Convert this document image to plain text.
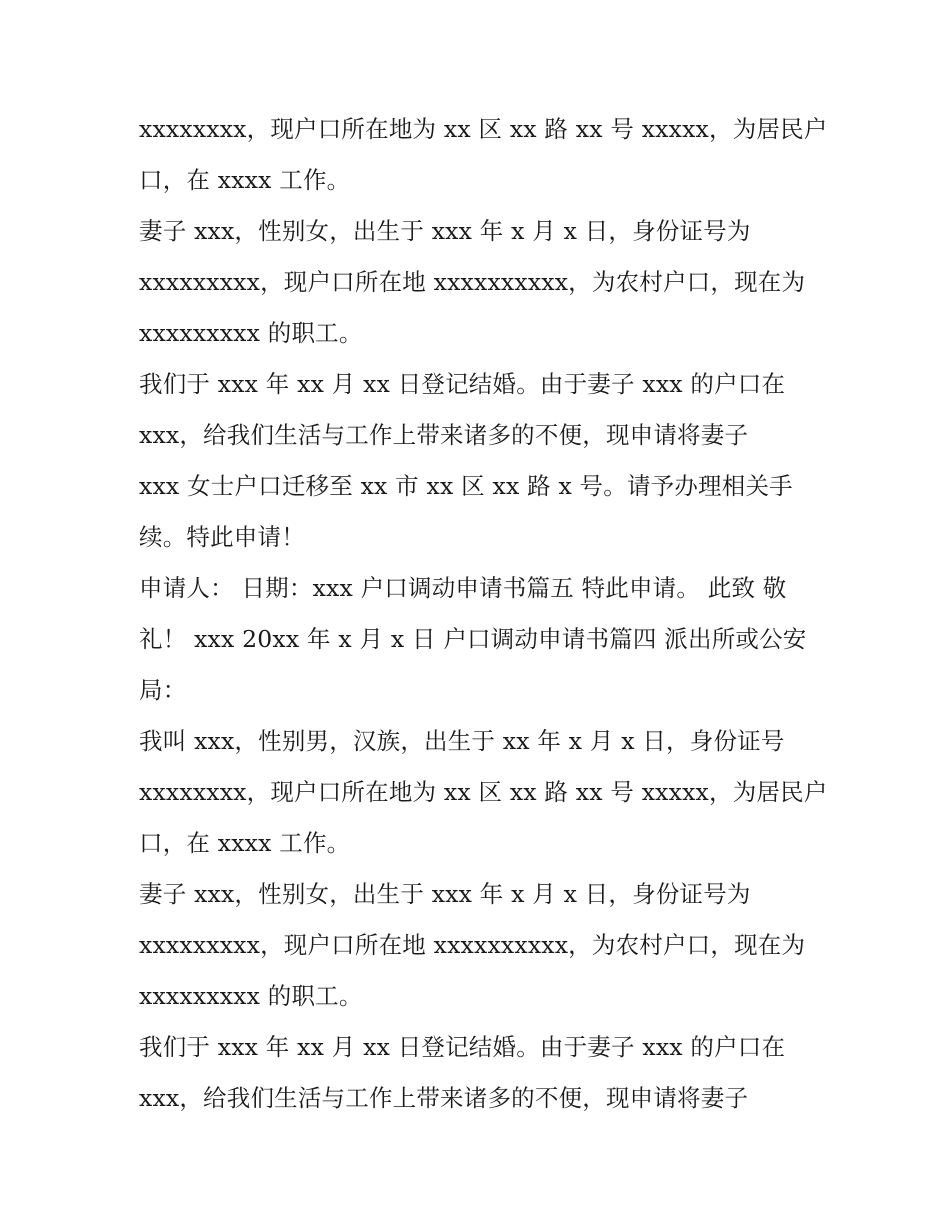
xxxxxxxx，现户口所在地为 xx 区 xx 路 xx 号 xxxxx，为居民户
口，在 xxxx 工作。
妻子 xxx，性别女，出生于 xxx 年 x 月 x 日，身份证号为
xxxxxxxxx，现户口所在地 xxxxxxxxxx，为农村户口，现在为
xxxxxxxxx 的职工。
我们于 xxx 年 xx 月 xx 日登记结婚。由于妻子 xxx 的户口在
xxx，给我们生活与工作上带来诸多的不便，现申请将妻子
xxx 女士户口迁移至 xx 市 xx 区 xx 路 x 号。请予办理相关手
续。特此申请！
申请人： 日期：xxx 户口调动申请书篇五 特此申请。 此致 敬
礼！ xxx 20xx 年 x 月 x 日 户口调动申请书篇四 派出所或公安
局：
我叫 xxx，性别男，汉族，出生于 xx 年 x 月 x 日，身份证号
xxxxxxxx，现户口所在地为 xx 区 xx 路 xx 号 xxxxx，为居民户
口，在 xxxx 工作。
妻子 xxx，性别女，出生于 xxx 年 x 月 x 日，身份证号为
xxxxxxxxx，现户口所在地 xxxxxxxxxx，为农村户口，现在为
xxxxxxxxx 的职工。
我们于 xxx 年 xx 月 xx 日登记结婚。由于妻子 xxx 的户口在
xxx，给我们生活与工作上带来诸多的不便，现申请将妻子
